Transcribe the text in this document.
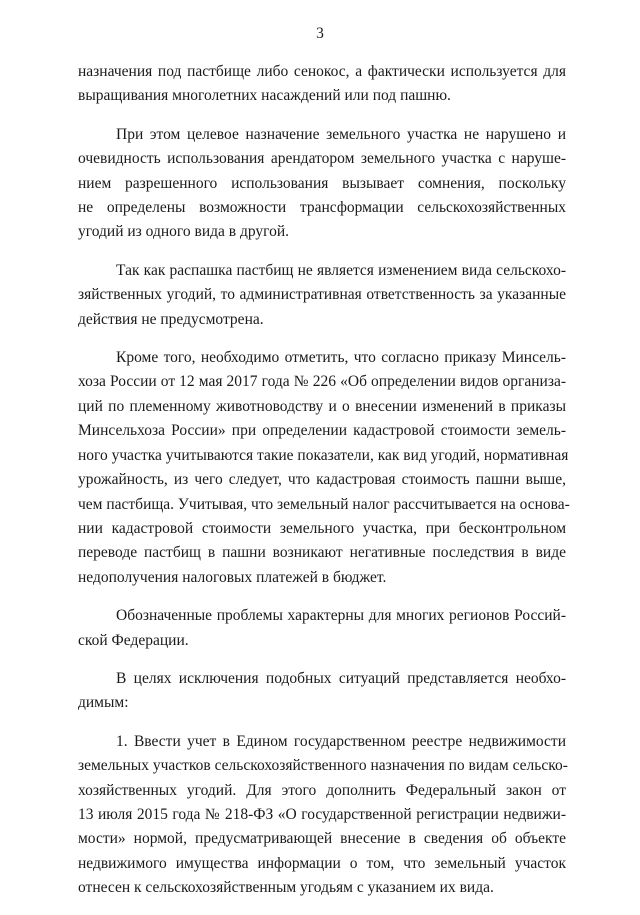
3
назначения под пастбище либо сенокос, а фактически используется для
выращивания многолетних насаждений или под пашню.
При этом целевое назначение земельного участка не нарушено и
очевидность использования арендатором земельного участка с наруше-
нием разрешенного использования вызывает сомнения, поскольку
не определены возможности трансформации сельскохозяйственных
угодий из одного вида в другой.
Так как распашка пастбищ не является изменением вида сельскохо-
зяйственных угодий, то административная ответственность за указанные
действия не предусмотрена.
Кроме того, необходимо отметить, что согласно приказу Минсель-
хоза России от 12 мая 2017 года № 226 «Об определении видов организа-
ций по племенному животноводству и о внесении изменений в приказы
Минсельхоза России» при определении кадастровой стоимости земель-
ного участка учитываются такие показатели, как вид угодий, нормативная
урожайность, из чего следует, что кадастровая стоимость пашни выше,
чем пастбища. Учитывая, что земельный налог рассчитывается на основа-
нии кадастровой стоимости земельного участка, при бесконтрольном
переводе пастбищ в пашни возникают негативные последствия в виде
недополучения налоговых платежей в бюджет.
Обозначенные проблемы характерны для многих регионов Россий-
ской Федерации.
В целях исключения подобных ситуаций представляется необхо-
димым:
1. Ввести учет в Едином государственном реестре недвижимости
земельных участков сельскохозяйственного назначения по видам сельско-
хозяйственных угодий. Для этого дополнить Федеральный закон от
13 июля 2015 года № 218-ФЗ «О государственной регистрации недвижи-
мости» нормой, предусматривающей внесение в сведения об объекте
недвижимого имущества информации о том, что земельный участок
отнесен к сельскохозяйственным угодьям с указанием их вида.
